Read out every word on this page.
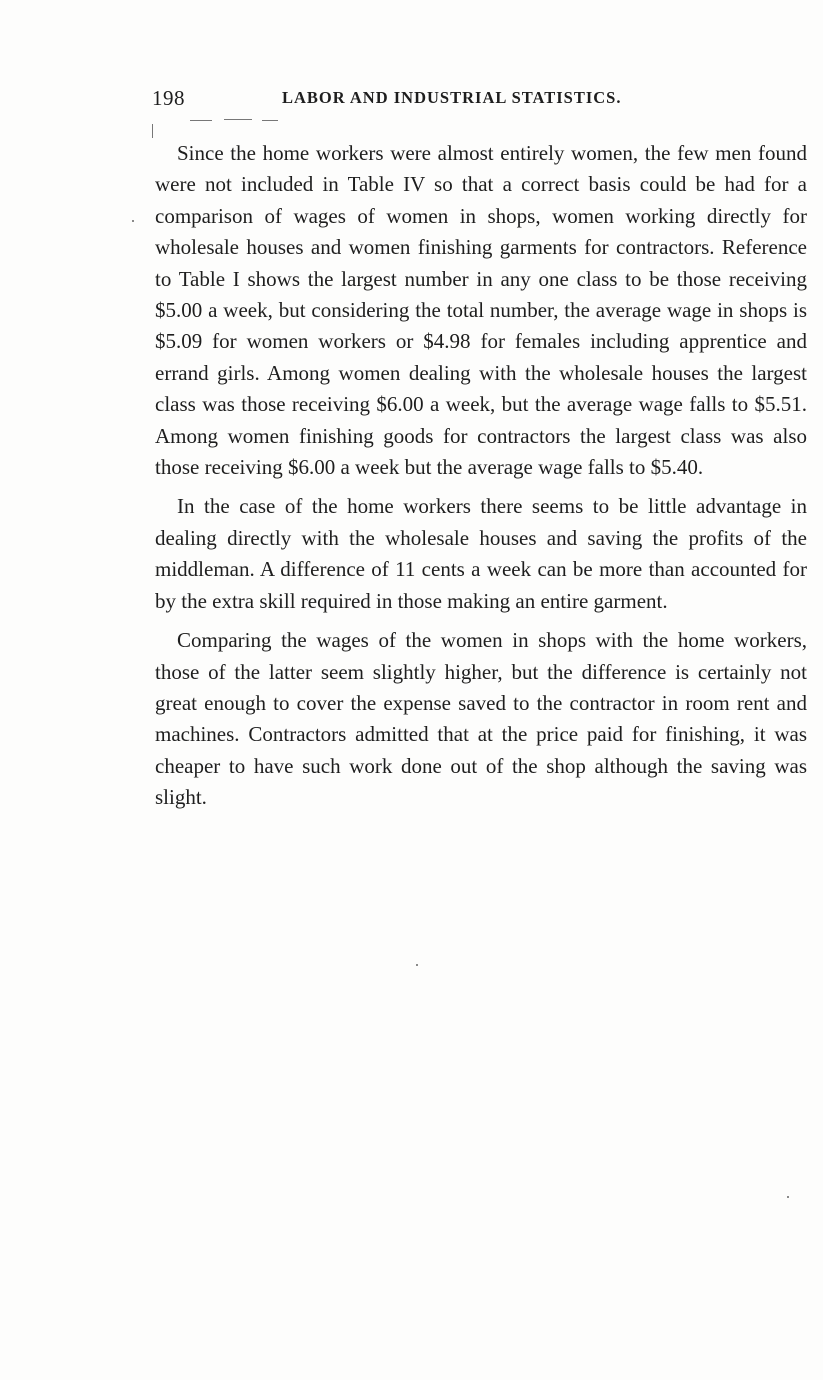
198	LABOR AND INDUSTRIAL STATISTICS.

Since the home workers were almost entirely women, the few men found were not included in Table IV so that a correct basis could be had for a comparison of wages of women in shops, women working directly for wholesale houses and women finishing garments for contractors. Reference to Table I shows the largest number in any one class to be those receiving $5.00 a week, but considering the total number, the average wage in shops is $5.09 for women workers or $4.98 for females including apprentice and errand girls. Among women dealing with the wholesale houses the largest class was those receiving $6.00 a week, but the average wage falls to $5.51. Among women finishing goods for contractors the largest class was also those receiving $6.00 a week but the average wage falls to $5.40.

In the case of the home workers there seems to be little advantage in dealing directly with the wholesale houses and saving the profits of the middleman. A difference of 11 cents a week can be more than accounted for by the extra skill required in those making an entire garment.

Comparing the wages of the women in shops with the home workers, those of the latter seem slightly higher, but the difference is certainly not great enough to cover the expense saved to the contractor in room rent and machines. Contractors admitted that at the price paid for finishing, it was cheaper to have such work done out of the shop although the saving was slight.
